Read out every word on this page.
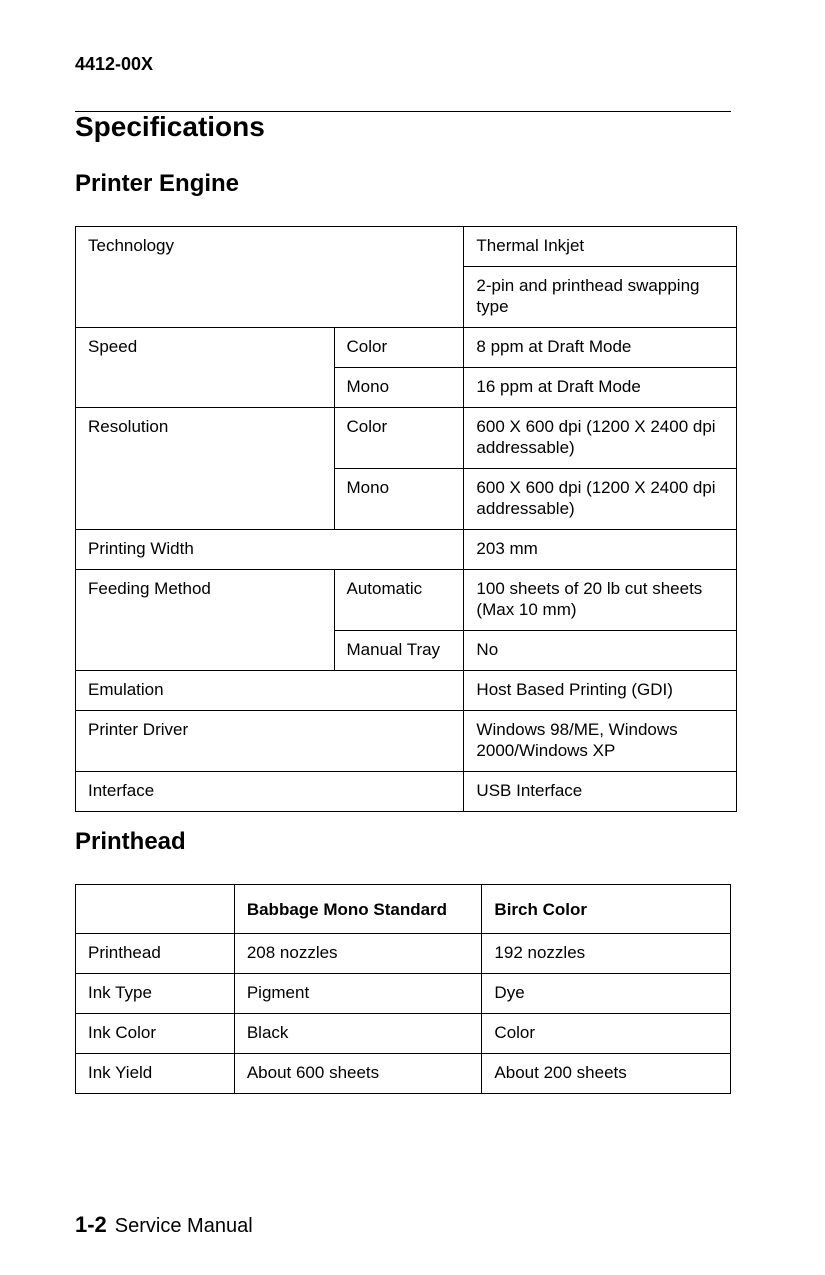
4412-00X

Specifications
Printer Engine
Technology		Thermal Inkjet
		2-pin and printhead swapping type
Speed	Color	8 ppm at Draft Mode
	Mono	16 ppm at Draft Mode
Resolution	Color	600 X 600 dpi (1200 X 2400 dpi addressable)
	Mono	600 X 600 dpi (1200 X 2400 dpi addressable)
Printing Width		203 mm
Feeding Method	Automatic	100 sheets of 20 lb cut sheets (Max 10 mm)
	Manual Tray	No
Emulation		Host Based Printing (GDI)
Printer Driver		Windows 98/ME, Windows 2000/Windows XP
Interface		USB Interface
Printhead
	Babbage Mono Standard	Birch Color
Printhead	208 nozzles	192 nozzles
Ink Type	Pigment	Dye
Ink Color	Black	Color
Ink Yield	About 600 sheets	About 200 sheets

1-2 Service Manual
